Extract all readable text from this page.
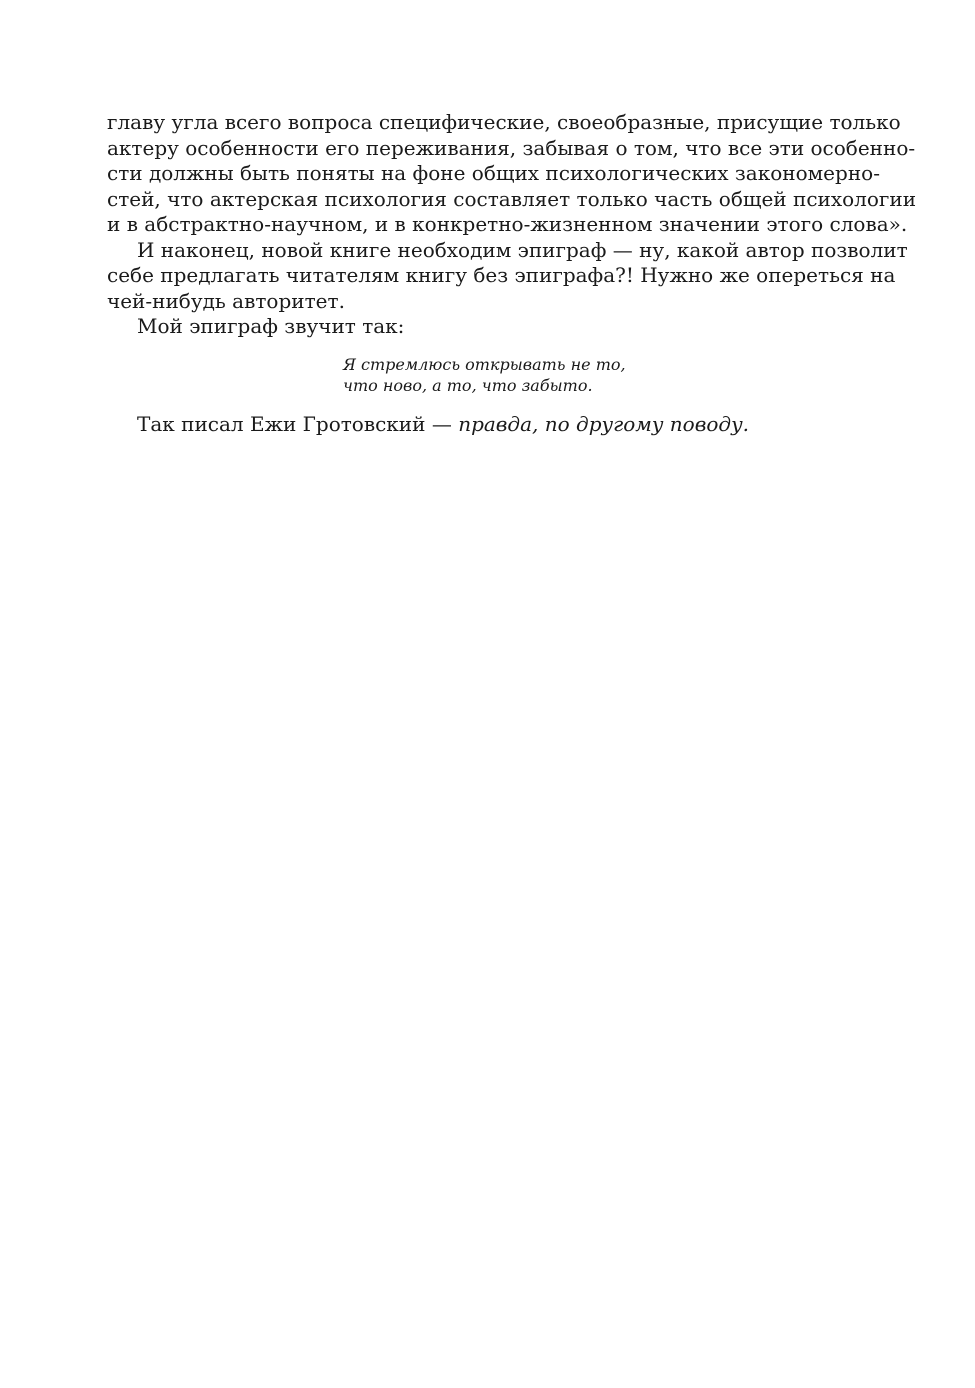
главу угла всего вопроса специфические, своеобразные, присущие только
актеру особенности его переживания, забывая о том, что все эти особенно-
сти должны быть поняты на фоне общих психологических закономерно-
стей, что актерская психология составляет только часть общей психологии
и в абстрактно-научном, и в конкретно-жизненном значении этого слова».
И наконец, новой книге необходим эпиграф — ну, какой автор позволит
себе предлагать читателям книгу без эпиграфа?! Нужно же опереться на
чей-нибудь авторитет.
Мой эпиграф звучит так:
Я стремлюсь открывать не то,
что ново, а то, что забыто.
Так писал Ежи Гротовский — правда, по другому поводу.
